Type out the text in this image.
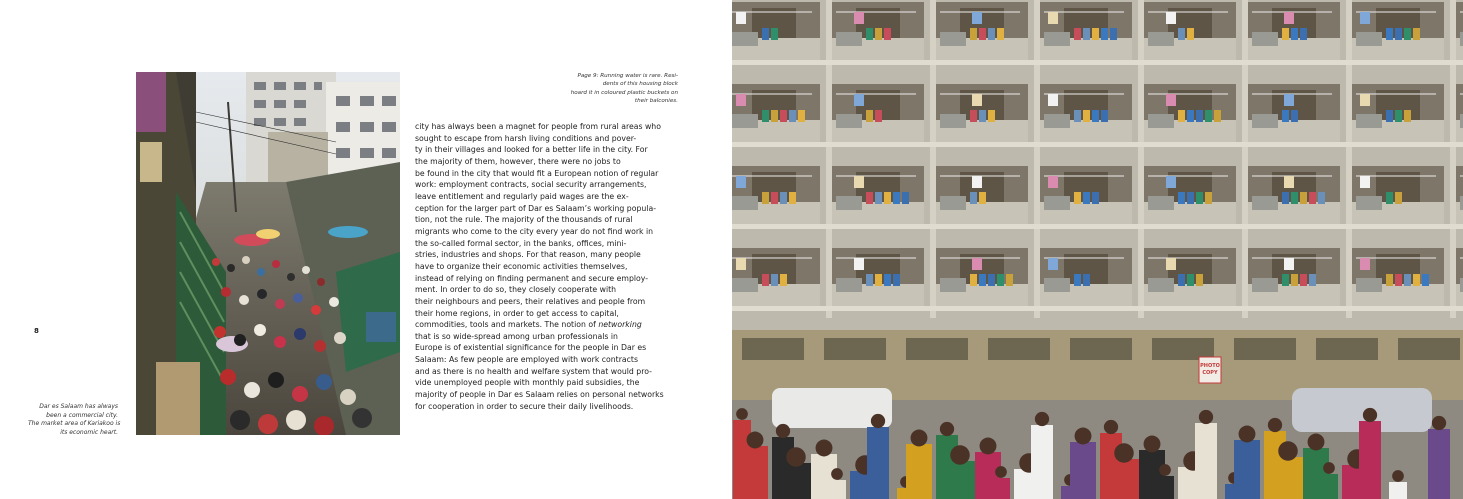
8
Dar es Salaam has always
been a commercial city.
The market area of Kariakoo is
its economic heart.
Page 9: Running water is rare. Resi-
dents of this housing block
hoard it in coloured plastic buckets on
their balconies.
city has always been a magnet for people from rural areas who
sought to escape from harsh living conditions and pover-
ty in their villages and looked for a better life in the city. For
the majority of them, however, there were no jobs to
be found in the city that would fit a European notion of regular
work: employment contracts, social security arrangements,
leave entitlement and regularly paid wages are the ex-
ception for the larger part of Dar es Salaam’s working popula-
tion, not the rule. The majority of the thousands of rural
migrants who come to the city every year do not find work in
the so-called formal sector, in the banks, offices, mini-
stries, industries and shops. For that reason, many people
have to organize their economic activities themselves,
instead of relying on finding permanent and secure employ-
ment. In order to do so, they closely cooperate with
their neighbours and peers, their relatives and people from
their home regions, in order to get access to capital,
commodities, tools and markets. The notion of networking
that is so wide-spread among urban professionals in
Europe is of existential significance for the people in Dar es
Salaam: As few people are employed with work contracts
and as there is no health and welfare system that would pro-
vide unemployed people with monthly paid subsidies, the
majority of people in Dar es Salaam relies on personal networks
for cooperation in order to secure their daily livelihoods.
PHOTO
COPY
